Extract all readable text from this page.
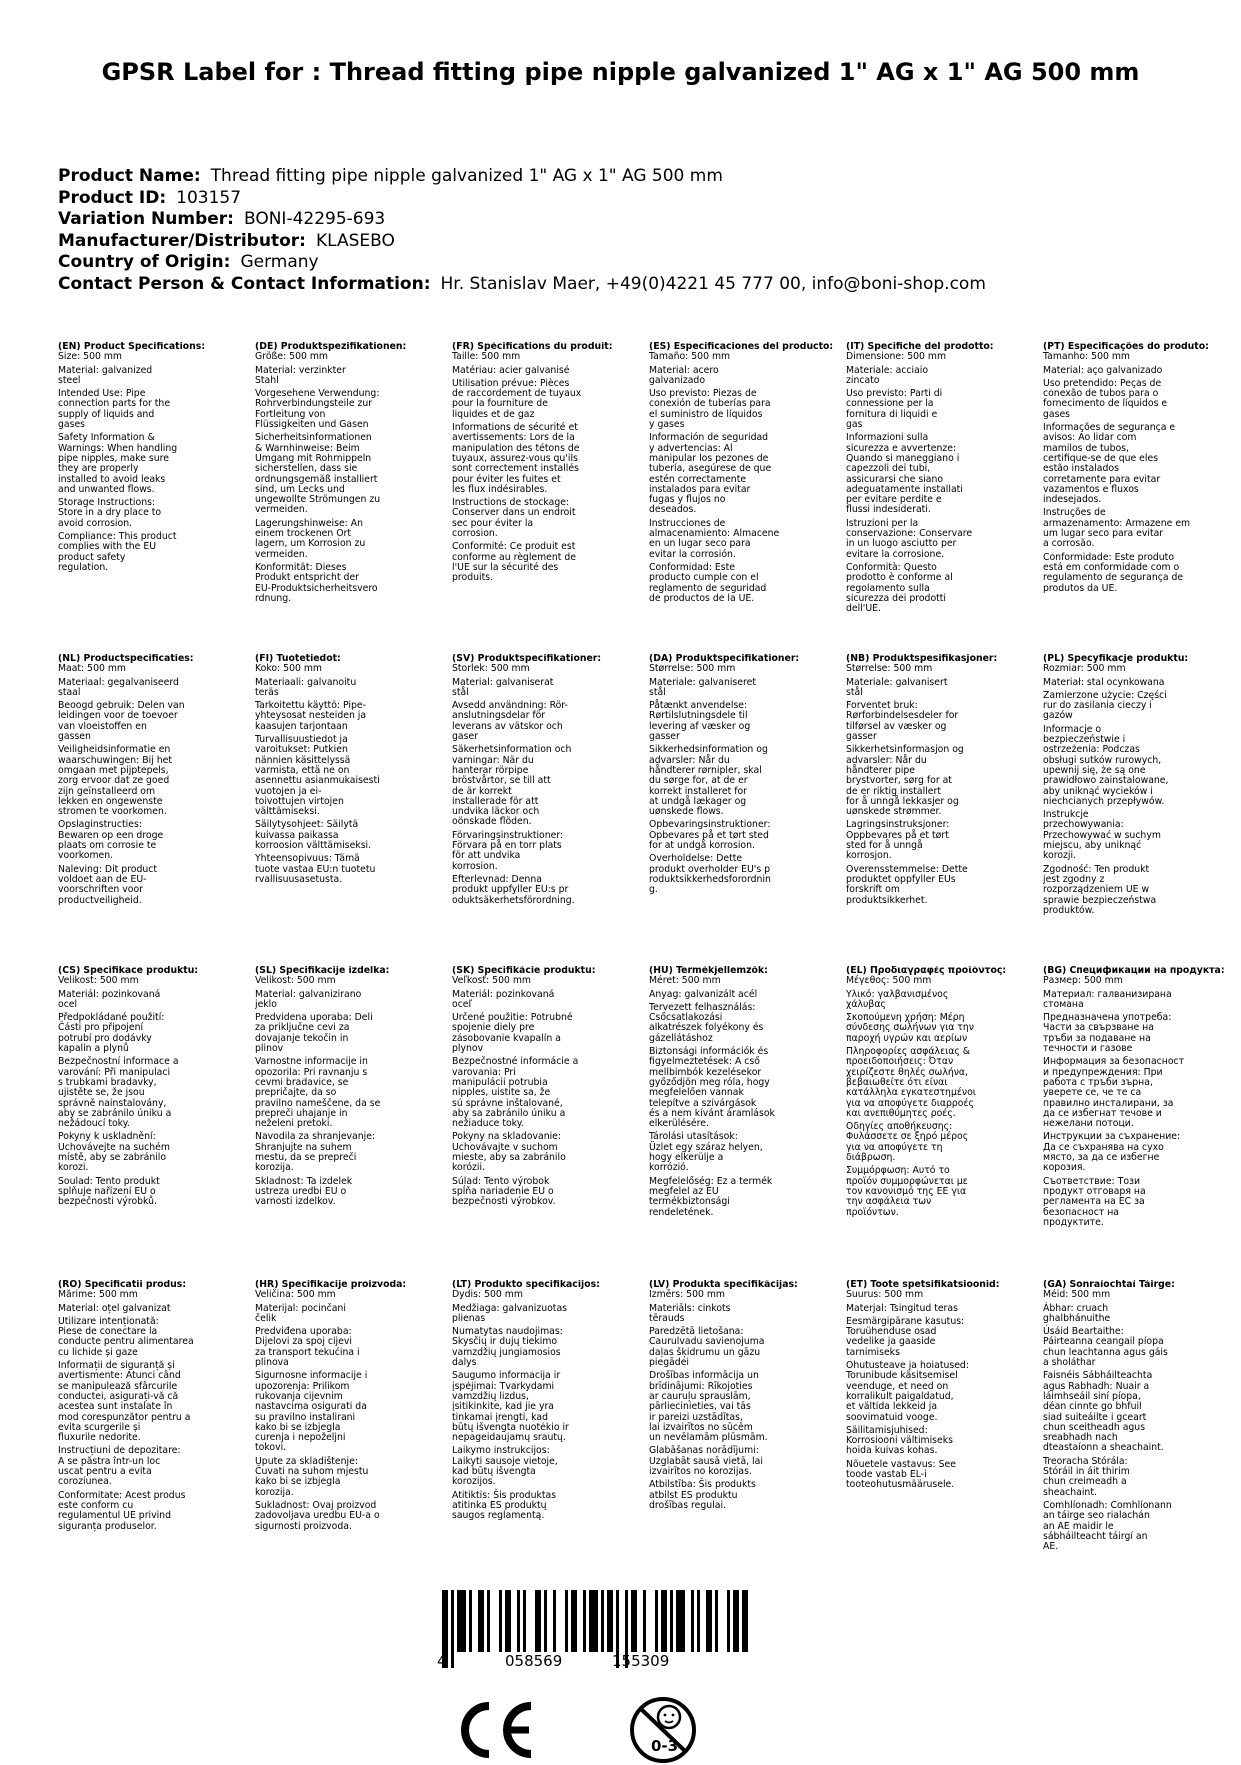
GPSR Label for : Thread fitting pipe nipple galvanized 1" AG x 1" AG 500 mm
Product Name: Thread fitting pipe nipple galvanized 1" AG x 1" AG 500 mm
Product ID: 103157
Variation Number: BONI-42295-693
Manufacturer/Distributor: KLASEBO
Country of Origin: Germany
Contact Person & Contact Information: Hr. Stanislav Maer, +49(0)4221 45 777 00, info@boni-shop.com
(EN) Product Specifications:
Size: 500 mm
Material: galvanized
steel
Intended Use: Pipe
connection parts for the
supply of liquids and
gases
Safety Information &
Warnings: When handling
pipe nipples, make sure
they are properly
installed to avoid leaks
and unwanted flows.
Storage Instructions:
Store in a dry place to
avoid corrosion.
Compliance: This product
complies with the EU
product safety
regulation.
(DE) Produktspezifikationen:
Größe: 500 mm
Material: verzinkter
Stahl
Vorgesehene Verwendung:
Rohrverbindungsteile zur
Fortleitung von
Flüssigkeiten und Gasen
Sicherheitsinformationen
& Warnhinweise: Beim
Umgang mit Rohrnippeln
sicherstellen, dass sie
ordnungsgemäß installiert
sind, um Lecks und
ungewollte Strömungen zu
vermeiden.
Lagerungshinweise: An
einem trockenen Ort
lagern, um Korrosion zu
vermeiden.
Konformität: Dieses
Produkt entspricht der
EU-Produktsicherheitsvero
rdnung.
(FR) Spécifications du produit:
Taille: 500 mm
Matériau: acier galvanisé
Utilisation prévue: Pièces
de raccordement de tuyaux
pour la fourniture de
liquides et de gaz
Informations de sécurité et
avertissements: Lors de la
manipulation des tétons de
tuyaux, assurez-vous qu'ils
sont correctement installés
pour éviter les fuites et
les flux indésirables.
Instructions de stockage:
Conserver dans un endroit
sec pour éviter la
corrosion.
Conformité: Ce produit est
conforme au règlement de
l'UE sur la sécurité des
produits.
(ES) Especificaciones del producto:
Tamaño: 500 mm
Material: acero
galvanizado
Uso previsto: Piezas de
conexión de tuberías para
el suministro de líquidos
y gases
Información de seguridad
y advertencias: Al
manipular los pezones de
tubería, asegúrese de que
estén correctamente
instalados para evitar
fugas y flujos no
deseados.
Instrucciones de
almacenamiento: Almacene
en un lugar seco para
evitar la corrosión.
Conformidad: Este
producto cumple con el
reglamento de seguridad
de productos de la UE.
(IT) Specifiche del prodotto:
Dimensione: 500 mm
Materiale: acciaio
zincato
Uso previsto: Parti di
connessione per la
fornitura di liquidi e
gas
Informazioni sulla
sicurezza e avvertenze:
Quando si maneggiano i
capezzoli dei tubi,
assicurarsi che siano
adeguatamente installati
per evitare perdite e
flussi indesiderati.
Istruzioni per la
conservazione: Conservare
in un luogo asciutto per
evitare la corrosione.
Conformità: Questo
prodotto è conforme al
regolamento sulla
sicurezza dei prodotti
dell'UE.
(PT) Especificações do produto:
Tamanho: 500 mm
Material: aço galvanizado
Uso pretendido: Peças de
conexão de tubos para o
fornecimento de líquidos e
gases
Informações de segurança e
avisos: Ao lidar com
mamilos de tubos,
certifique-se de que eles
estão instalados
corretamente para evitar
vazamentos e fluxos
indesejados.
Instruções de
armazenamento: Armazene em
um lugar seco para evitar
a corrosão.
Conformidade: Este produto
está em conformidade com o
regulamento de segurança de
produtos da UE.
(NL) Productspecificaties:
Maat: 500 mm
Materiaal: gegalvaniseerd
staal
Beoogd gebruik: Delen van
leidingen voor de toevoer
van vloeistoffen en
gassen
Veiligheidsinformatie en
waarschuwingen: Bij het
omgaan met pijptepels,
zorg ervoor dat ze goed
zijn geïnstalleerd om
lekken en ongewenste
stromen te voorkomen.
Opslaginstructies:
Bewaren op een droge
plaats om corrosie te
voorkomen.
Naleving: Dit product
voldoet aan de EU-
voorschriften voor
productveiligheid.
(FI) Tuotetiedot:
Koko: 500 mm
Materiaali: galvanoitu
teräs
Tarkoitettu käyttö: Pipe-
yhteysosat nesteiden ja
kaasujen tarjontaan
Turvallisuustiedot ja
varoitukset: Putkien
nännien käsittelyssä
varmista, että ne on
asennettu asianmukaisesti
vuotojen ja ei-
toivottujen virtojen
välttämiseksi.
Säilytysohjeet: Säilytä
kuivassa paikassa
korroosion välttämiseksi.
Yhteensopivuus: Tämä
tuote vastaa EU:n tuotetu
rvallisuusasetusta.
(SV) Produktspecifikationer:
Storlek: 500 mm
Material: galvaniserat
stål
Avsedd användning: Rör-
anslutningsdelar för
leverans av vätskor och
gaser
Säkerhetsinformation och
varningar: När du
hanterar rörpipe
bröstvårtor, se till att
de är korrekt
installerade för att
undvika läckor och
oönskade flöden.
Förvaringsinstruktioner:
Förvara på en torr plats
för att undvika
korrosion.
Efterlevnad: Denna
produkt uppfyller EU:s pr
oduktsäkerhetsförordning.
(DA) Produktspecifikationer:
Størrelse: 500 mm
Materiale: galvaniseret
stål
Påtænkt anvendelse:
Rørtilslutningsdele til
levering af væsker og
gasser
Sikkerhedsinformation og
advarsler: Når du
håndterer rørnipler, skal
du sørge for, at de er
korrekt installeret for
at undgå lækager og
uønskede flows.
Opbevaringsinstruktioner:
Opbevares på et tørt sted
for at undgå korrosion.
Overholdelse: Dette
produkt overholder EU's p
roduktsikkerhedsforordnin
g.
(NB) Produktspesifikasjoner:
Størrelse: 500 mm
Materiale: galvanisert
stål
Forventet bruk:
Rørforbindelsesdeler for
tilførsel av væsker og
gasser
Sikkerhetsinformasjon og
advarsler: Når du
håndterer pipe
brystvorter, sørg for at
de er riktig installert
for å unngå lekkasjer og
uønskede strømmer.
Lagringsinstruksjoner:
Oppbevares på et tørt
sted for å unngå
korrosjon.
Overensstemmelse: Dette
produktet oppfyller EUs
forskrift om
produktsikkerhet.
(PL) Specyfikacje produktu:
Rozmiar: 500 mm
Materiał: stal ocynkowana
Zamierzone użycie: Części
rur do zasilania cieczy i
gazów
Informacje o
bezpieczeństwie i
ostrzeżenia: Podczas
obsługi sutków rurowych,
upewnij się, że są one
prawidłowo zainstalowane,
aby uniknąć wycieków i
niechcianych przepływów.
Instrukcje
przechowywania:
Przechowywać w suchym
miejscu, aby uniknąć
korozji.
Zgodność: Ten produkt
jest zgodny z
rozporządzeniem UE w
sprawie bezpieczeństwa
produktów.
(CS) Specifikace produktu:
Velikost: 500 mm
Materiál: pozinkovaná
ocel
Předpokládané použití:
Části pro připojení
potrubí pro dodávky
kapalin a plynů
Bezpečnostní informace a
varování: Při manipulaci
s trubkami bradavky,
ujistěte se, že jsou
správně nainstalovány,
aby se zabránilo úniku a
nežádoucí toky.
Pokyny k uskladnění:
Uchovávejte na suchém
místě, aby se zabránilo
korozi.
Soulad: Tento produkt
splňuje nařízení EU o
bezpečnosti výrobků.
(SL) Specifikacije izdelka:
Velikost: 500 mm
Material: galvanizirano
jeklo
Predvidena uporaba: Deli
za priključne cevi za
dovajanje tekočin in
plinov
Varnostne informacije in
opozorila: Pri ravnanju s
cevmi bradavice, se
prepričajte, da so
pravilno nameščene, da se
prepreči uhajanje in
neželeni pretoki.
Navodila za shranjevanje:
Shranjujte na suhem
mestu, da se prepreči
korozija.
Skladnost: Ta izdelek
ustreza uredbi EU o
varnosti izdelkov.
(SK) Špecifikácie produktu:
Veľkosť: 500 mm
Materiál: pozinkovaná
oceľ
Určené použitie: Potrubné
spojenie diely pre
zásobovanie kvapalín a
plynov
Bezpečnostné informácie a
varovania: Pri
manipulácii potrubia
nipples, uistite sa, že
sú správne inštalované,
aby sa zabránilo úniku a
nežiaduce toky.
Pokyny na skladovanie:
Uchovávajte v suchom
mieste, aby sa zabránilo
korózii.
Súlad: Tento výrobok
spĺňa nariadenie EU o
bezpečnosti výrobkov.
(HU) Termékjellemzők:
Méret: 500 mm
Anyag: galvanizált acél
Tervezett felhasználás:
Csőcsatlakozási
alkatrészek folyékony és
gázellátáshoz
Biztonsági információk és
figyelmeztetések: A cső
mellbimbók kezelésekor
győződjön meg róla, hogy
megfelelően vannak
telepítve a szivárgások
és a nem kívánt áramlások
elkerülésére.
Tárolási utasítások:
Üzlet egy száraz helyen,
hogy elkerülje a
korrózió.
Megfelelőség: Ez a termék
megfelel az EU
termékbiztonsági
rendeletének.
(EL) Προδιαγραφές προϊόντος:
Μέγεθος: 500 mm
Υλικό: γαλβανισμένος
χάλυβας
Σκοπούμενη χρήση: Μέρη
σύνδεσης σωλήνων για την
παροχή υγρών και αερίων
Πληροφορίες ασφάλειας &
προειδοποιήσεις: Όταν
χειρίζεστε θηλές σωλήνα,
βεβαιωθείτε ότι είναι
κατάλληλα εγκατεστημένοι
για να αποφύγετε διαρροές
και ανεπιθύμητες ροές.
Οδηγίες αποθήκευσης:
Φυλάσσετε σε ξηρό μέρος
για να αποφύγετε τη
διάβρωση.
Συμμόρφωση: Αυτό το
προϊόν συμμορφώνεται με
τον κανονισμό της ΕΕ για
την ασφάλεια των
προϊόντων.
(BG) Спецификации на продукта:
Размер: 500 mm
Материал: галванизирана
стомана
Предназначена употреба:
Части за свързване на
тръби за подаване на
течности и газове
Информация за безопасност
и предупреждения: При
работа с тръби зърна,
уверете се, че те са
правилно инсталирани, за
да се избегнат течове и
нежелани потоци.
Инструкции за съхранение:
Да се съхранява на сухо
място, за да се избегне
корозия.
Съответствие: Този
продукт отговаря на
регламента на ЕС за
безопасност на
продуктите.
(RO) Specificatii produs:
Mărime: 500 mm
Material: oțel galvanizat
Utilizare intenționată:
Piese de conectare la
conducte pentru alimentarea
cu lichide și gaze
Informații de siguranță și
avertismente: Atunci când
se manipulează sfârcurile
conductei, asigurați-vă că
acestea sunt instalate în
mod corespunzător pentru a
evita scurgerile și
fluxurile nedorite.
Instrucțiuni de depozitare:
A se păstra într-un loc
uscat pentru a evita
coroziunea.
Conformitate: Acest produs
este conform cu
regulamentul UE privind
siguranța produselor.
(HR) Specifikacije proizvoda:
Veličina: 500 mm
Materijal: pocinčani
čelik
Predviđena uporaba:
Dijelovi za spoj cijevi
za transport tekućina i
plinova
Sigurnosne informacije i
upozorenja: Prilikom
rukovanja cijevnim
nastavcima osigurati da
su pravilno instalirani
kako bi se izbjegla
curenja i nepoželjni
tokovi.
Upute za skladištenje:
Čuvati na suhom mjestu
kako bi se izbjegla
korozija.
Sukladnost: Ovaj proizvod
zadovoljava uredbu EU-a o
sigurnosti proizvoda.
(LT) Produkto specifikacijos:
Dydis: 500 mm
Medžiaga: galvanizuotas
plienas
Numatytas naudojimas:
Skysčių ir dujų tiekimo
vamzdžių jungiamosios
dalys
Saugumo informacija ir
įspėjimai: Tvarkydami
vamzdžių lizdus,
įsitikinkite, kad jie yra
tinkamai įrengti, kad
būtų išvengta nuotėkio ir
nepageidaujamų srautų.
Laikymo instrukcijos:
Laikyti sausoje vietoje,
kad būtų išvengta
korozijos.
Atitiktis: Šis produktas
atitinka ES produktų
saugos reglamentą.
(LV) Produkta specifikācijas:
Izmērs: 500 mm
Materiāls: cinkots
tērauds
Paredzētā lietošana:
Caurulvadu savienojuma
daļas šķidrumu un gāzu
piegādei
Drošības informācija un
brīdinājumi: Rīkojoties
ar cauruļu sprauslām,
pārliecinieties, vai tās
ir pareizi uzstādītas,
lai izvairītos no sūcēm
un nevēlamām plūsmām.
Glabāšanas norādījumi:
Uzglabāt sausā vietā, lai
izvairītos no korozijas.
Atbilstība: Šis produkts
atbilst ES produktu
drošības regulai.
(ET) Toote spetsifikatsioonid:
Suurus: 500 mm
Materjal: Tsingitud teras
Eesmärgipärane kasutus:
Toruühenduse osad
vedelike ja gaaside
tarnimiseks
Ohutusteave ja hoiatused:
Torunibude käsitsemisel
veenduge, et need on
korralikult paigaldatud,
et vältida lekkeid ja
soovimatuid vooge.
Säilitamisjuhised:
Korrosiooni vältimiseks
hoida kuivas kohas.
Nõuetele vastavus: See
toode vastab EL-i
tooteohutusmäärusele.
(GA) Sonraíochtaí Táirge:
Méid: 500 mm
Ábhar: cruach
ghalbhánuithe
Úsáid Beartaithe:
Páirteanna ceangail píopa
chun leachtanna agus gáis
a sholáthar
Faisnéis Sábháilteachta
agus Rabhadh: Nuair a
láimhseáil siní píopa,
déan cinnte go bhfuil
siad suiteáilte i gceart
chun sceitheadh agus
sreabhadh nach
dteastaíonn a sheachaint.
Treoracha Stórála:
Stóráil in áit thirim
chun creimeadh a
sheachaint.
Comhlíonadh: Comhlíonann
an táirge seo rialachán
an AE maidir le
sábháilteacht táirgí an
AE.
4	058569	155309
0-3
